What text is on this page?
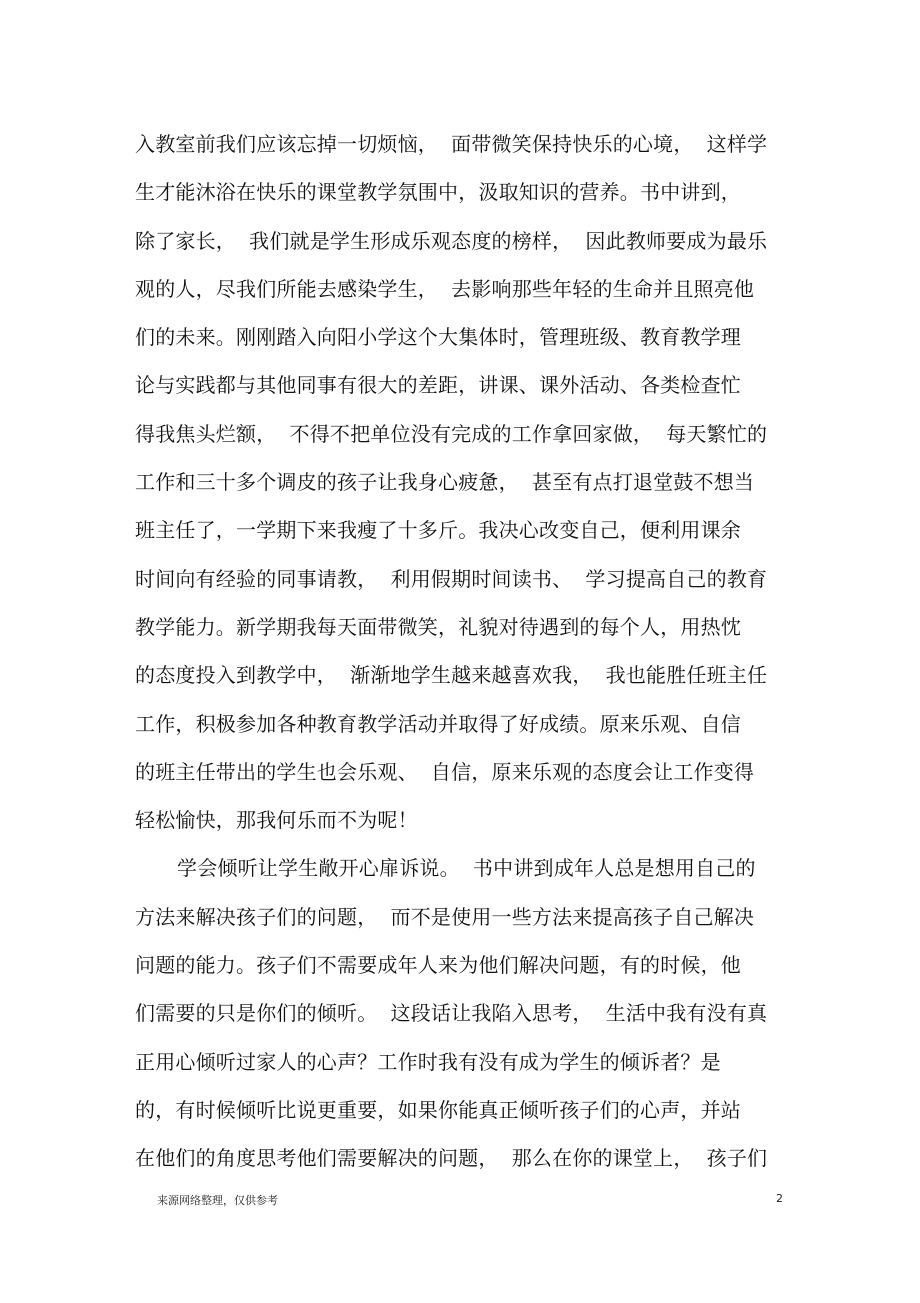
入教室前我们应该忘掉一切烦恼，  面带微笑保持快乐的心境，  这样学
生才能沐浴在快乐的课堂教学氛围中，汲取知识的营养。书中讲到，
除了家长，  我们就是学生形成乐观态度的榜样，  因此教师要成为最乐
观的人，尽我们所能去感染学生，  去影响那些年轻的生命并且照亮他
们的未来。刚刚踏入向阳小学这个大集体时，管理班级、教育教学理
论与实践都与其他同事有很大的差距，讲课、课外活动、各类检查忙
得我焦头烂额，  不得不把单位没有完成的工作拿回家做，  每天繁忙的
工作和三十多个调皮的孩子让我身心疲惫，  甚至有点打退堂鼓不想当
班主任了，一学期下来我瘦了十多斤。我决心改变自己，便利用课余
时间向有经验的同事请教，  利用假期时间读书、  学习提高自己的教育
教学能力。新学期我每天面带微笑，礼貌对待遇到的每个人，用热忱
的态度投入到教学中，  渐渐地学生越来越喜欢我，  我也能胜任班主任
工作，积极参加各种教育教学活动并取得了好成绩。原来乐观、自信
的班主任带出的学生也会乐观、  自信，原来乐观的态度会让工作变得
轻松愉快，那我何乐而不为呢！
学会倾听让学生敞开心扉诉说。  书中讲到成年人总是想用自己的
方法来解决孩子们的问题，  而不是使用一些方法来提高孩子自己解决
问题的能力。孩子们不需要成年人来为他们解决问题，有的时候，他
们需要的只是你们的倾听。  这段话让我陷入思考，  生活中我有没有真
正用心倾听过家人的心声？工作时我有没有成为学生的倾诉者？是
的，有时候倾听比说更重要，如果你能真正倾听孩子们的心声，并站
在他们的角度思考他们需要解决的问题，  那么在你的课堂上，  孩子们
来源网络整理，仅供参考	2
